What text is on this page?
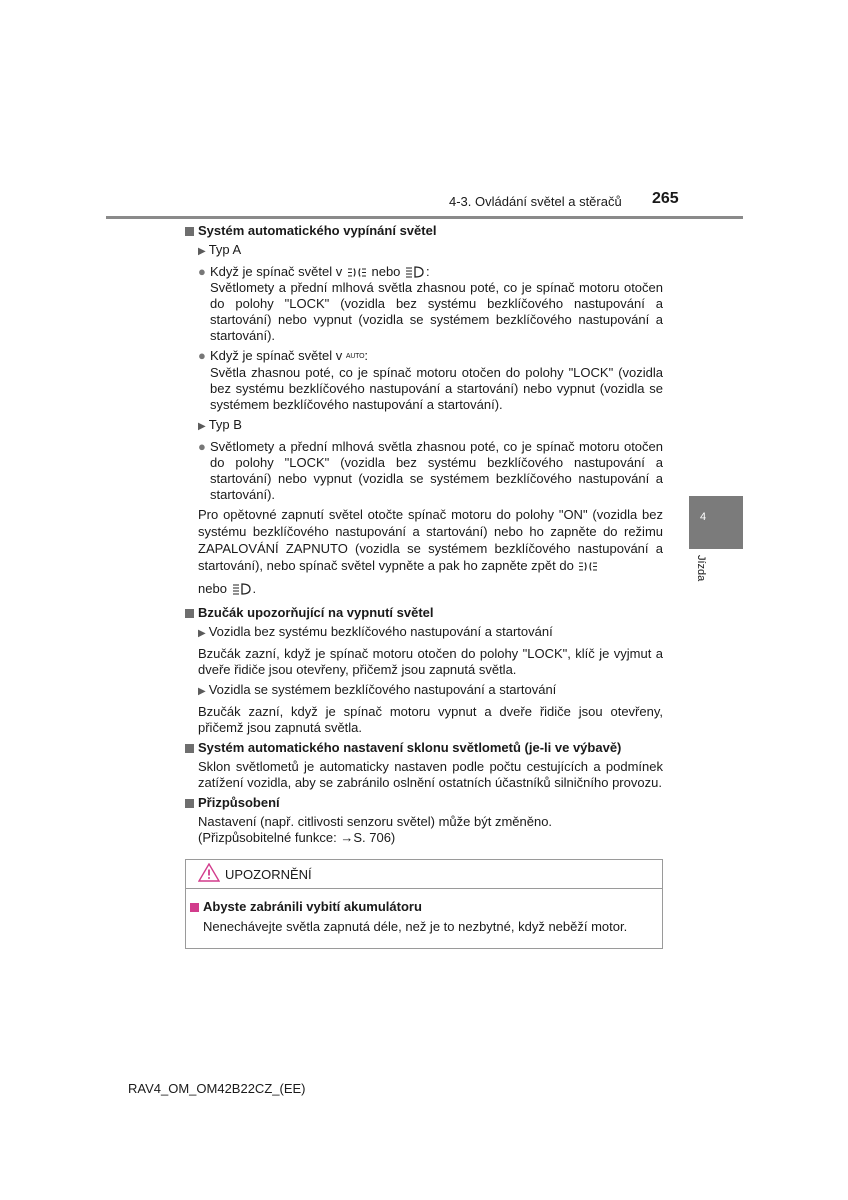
4-3. Ovládání světel a stěračů 265
4
Jízda

Systém automatického vypínání světel

▶ Typ A

● Když je spínač světel v nebo :

Světlomety a přední mlhová světla zhasnou poté, co je spínač motoru otočen do polohy "LOCK" (vozidla bez systému bezklíčového nastupování a startování) nebo vypnut (vozidla se systémem bezklíčového nastupování a startování).

● Když je spínač světel v AUTO:

Světla zhasnou poté, co je spínač motoru otočen do polohy "LOCK" (vozidla bez systému bezklíčového nastupování a startování) nebo vypnut (vozidla se systémem bezklíčového nastupování a startování).

▶ Typ B

● Světlomety a přední mlhová světla zhasnou poté, co je spínač motoru otočen do polohy "LOCK" (vozidla bez systému bezklíčového nastupování a startování) nebo vypnut (vozidla se systémem bezklíčového nastupování a startování).

Pro opětovné zapnutí světel otočte spínač motoru do polohy "ON" (vozidla bez systému bezklíčového nastupování a startování) nebo ho zapněte do režimu ZAPALOVÁNÍ ZAPNUTO (vozidla se systémem bezklíčového nastupování a startování), nebo spínač světel vypněte a pak ho zapněte zpět do
nebo .

Bzučák upozorňující na vypnutí světel

▶ Vozidla bez systému bezklíčového nastupování a startování

Bzučák zazní, když je spínač motoru otočen do polohy "LOCK", klíč je vyjmut a dveře řidiče jsou otevřeny, přičemž jsou zapnutá světla.

▶ Vozidla se systémem bezklíčového nastupování a startování

Bzučák zazní, když je spínač motoru vypnut a dveře řidiče jsou otevřeny, přičemž jsou zapnutá světla.

Systém automatického nastavení sklonu světlometů (je-li ve výbavě)

Sklon světlometů je automaticky nastaven podle počtu cestujících a podmínek zatížení vozidla, aby se zabránilo oslnění ostatních účastníků silničního provozu.

Přizpůsobení

Nastavení (např. citlivosti senzoru světel) může být změněno.

(Přizpůsobitelné funkce: →S. 706)

UPOZORNĚNÍ

Abyste zabránili vybití akumulátoru

Nenechávejte světla zapnutá déle, než je to nezbytné, když neběží motor.

RAV4_OM_OM42B22CZ_(EE)
